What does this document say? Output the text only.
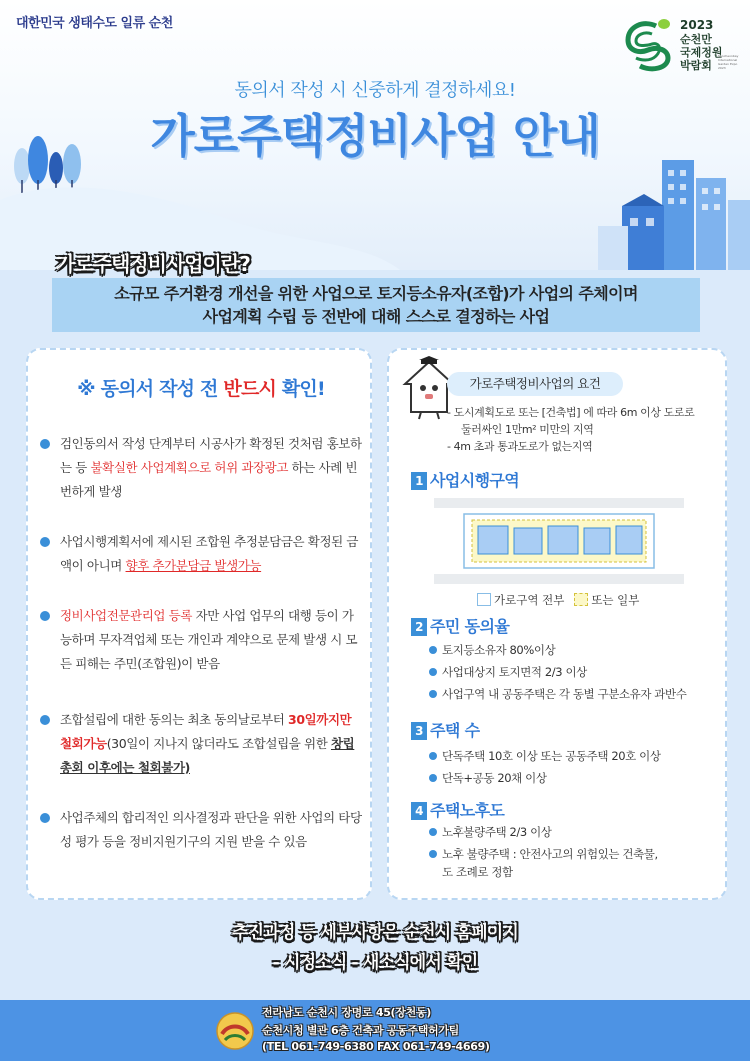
대한민국 생태수도 일류 순천	2023
순천만
국제정원
박람회
Suncheonbay International Garden Expo 2023
동의서 작성 시 신중하게 결정하세요!
가로주택정비사업 안내
가로주택정비사업이란?
소규모 주거환경 개선을 위한 사업으로 토지등소유자(조합)가 사업의 주체이며
사업계획 수립 등 전반에 대해 스스로 결정하는 사업
※ 동의서 작성 전 반드시 확인!
검인동의서 작성 단계부터 시공사가 확정된 것처럼 홍보하는 등 불확실한 사업계획으로 허위 과장광고 하는 사례 빈번하게 발생
사업시행계획서에 제시된 조합원 추정분담금은 확정된 금액이 아니며 향후 추가분담금 발생가능
정비사업전문관리업 등록 자만 사업 업무의 대행 등이 가능하며 무자격업체 또는 개인과 계약으로 문제 발생 시 모든 피해는 주민(조합원)이 받음
조합설립에 대한 동의는 최초 동의날로부터 30일까지만 철회가능(30일이 지나지 않더라도 조합설립을 위한 창립총회 이후에는 철회불가)
사업주체의 합리적인 의사결정과 판단을 위한 사업의 타당성 평가 등을 정비지원기구의 지원 받을 수 있음
가로주택정비사업의 요건
- 도시계획도로 또는 [건축법] 에 따라 6m 이상 도로로
둘러싸인 1만m² 미만의 지역
- 4m 초과 통과도로가 없는지역
1 사업시행구역
가로구역 전부 또는 일부
2 주민 동의율
토지등소유자 80%이상
사업대상지 토지면적 2/3 이상
사업구역 내 공동주택은 각 동별 구분소유자 과반수
3 주택 수
단독주택 10호 이상 또는 공동주택 20호 이상
단독+공동 20채 이상
4 주택노후도
노후불량주택 2/3 이상
노후 불량주택 : 안전사고의 위험있는 건축물,
도 조례로 정함
추진과정 등 세부사항은 순천시 홈페이지
- 시정소식 - 새소식에서 확인
전라남도 순천시 장명로 45(장천동)
순천시청 별관 6층 건축과 공동주택허가팀
(TEL 061-749-6380 FAX 061-749-4669)
